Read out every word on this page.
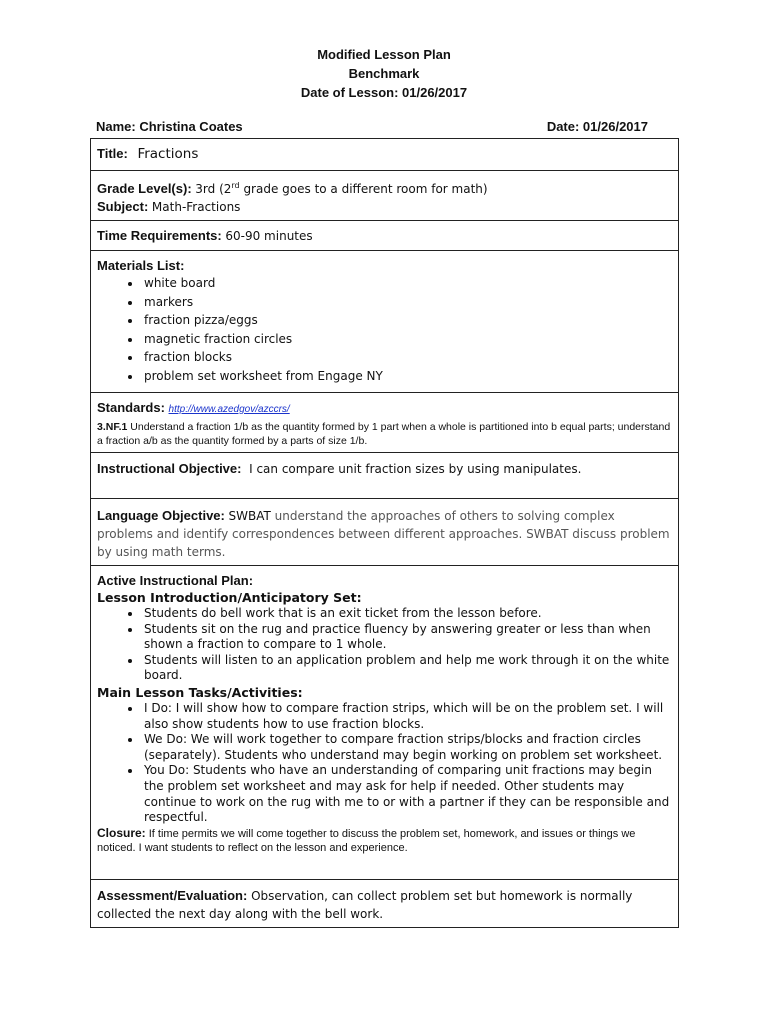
Modified Lesson Plan
Benchmark
Date of Lesson: 01/26/2017
Name: Christina Coates	Date: 01/26/2017
Title: Fractions
Grade Level(s): 3rd (2rd grade goes to a different room for math)
Subject: Math-Fractions
Time Requirements: 60-90 minutes

Materials List:
• white board
• markers
• fraction pizza/eggs
• magnetic fraction circles
• fraction blocks
• problem set worksheet from Engage NY

Standards: http://www.azedgov/azccrs/
3.NF.1 Understand a fraction 1/b as the quantity formed by 1 part when a whole is partitioned into b equal parts; understand a fraction a/b as the quantity formed by a parts of size 1/b.

Instructional Objective: I can compare unit fraction sizes by using manipulates.
Language Objective: SWBAT understand the approaches of others to solving complex problems and identify correspondences between different approaches. SWBAT discuss problem by using math terms.

Active Instructional Plan:
Lesson Introduction/Anticipatory Set:
• Students do bell work that is an exit ticket from the lesson before.
• Students sit on the rug and practice fluency by answering greater or less than when shown a fraction to compare to 1 whole.
• Students will listen to an application problem and help me work through it on the white board.
Main Lesson Tasks/Activities:
• I Do: I will show how to compare fraction strips, which will be on the problem set. I will also show students how to use fraction blocks.
• We Do: We will work together to compare fraction strips/blocks and fraction circles (separately). Students who understand may begin working on problem set worksheet.
• You Do: Students who have an understanding of comparing unit fractions may begin the problem set worksheet and may ask for help if needed. Other students may continue to work on the rug with me to or with a partner if they can be responsible and respectful.
Closure: If time permits we will come together to discuss the problem set, homework, and issues or things we noticed. I want students to reflect on the lesson and experience.

Assessment/Evaluation: Observation, can collect problem set but homework is normally collected the next day along with the bell work.
